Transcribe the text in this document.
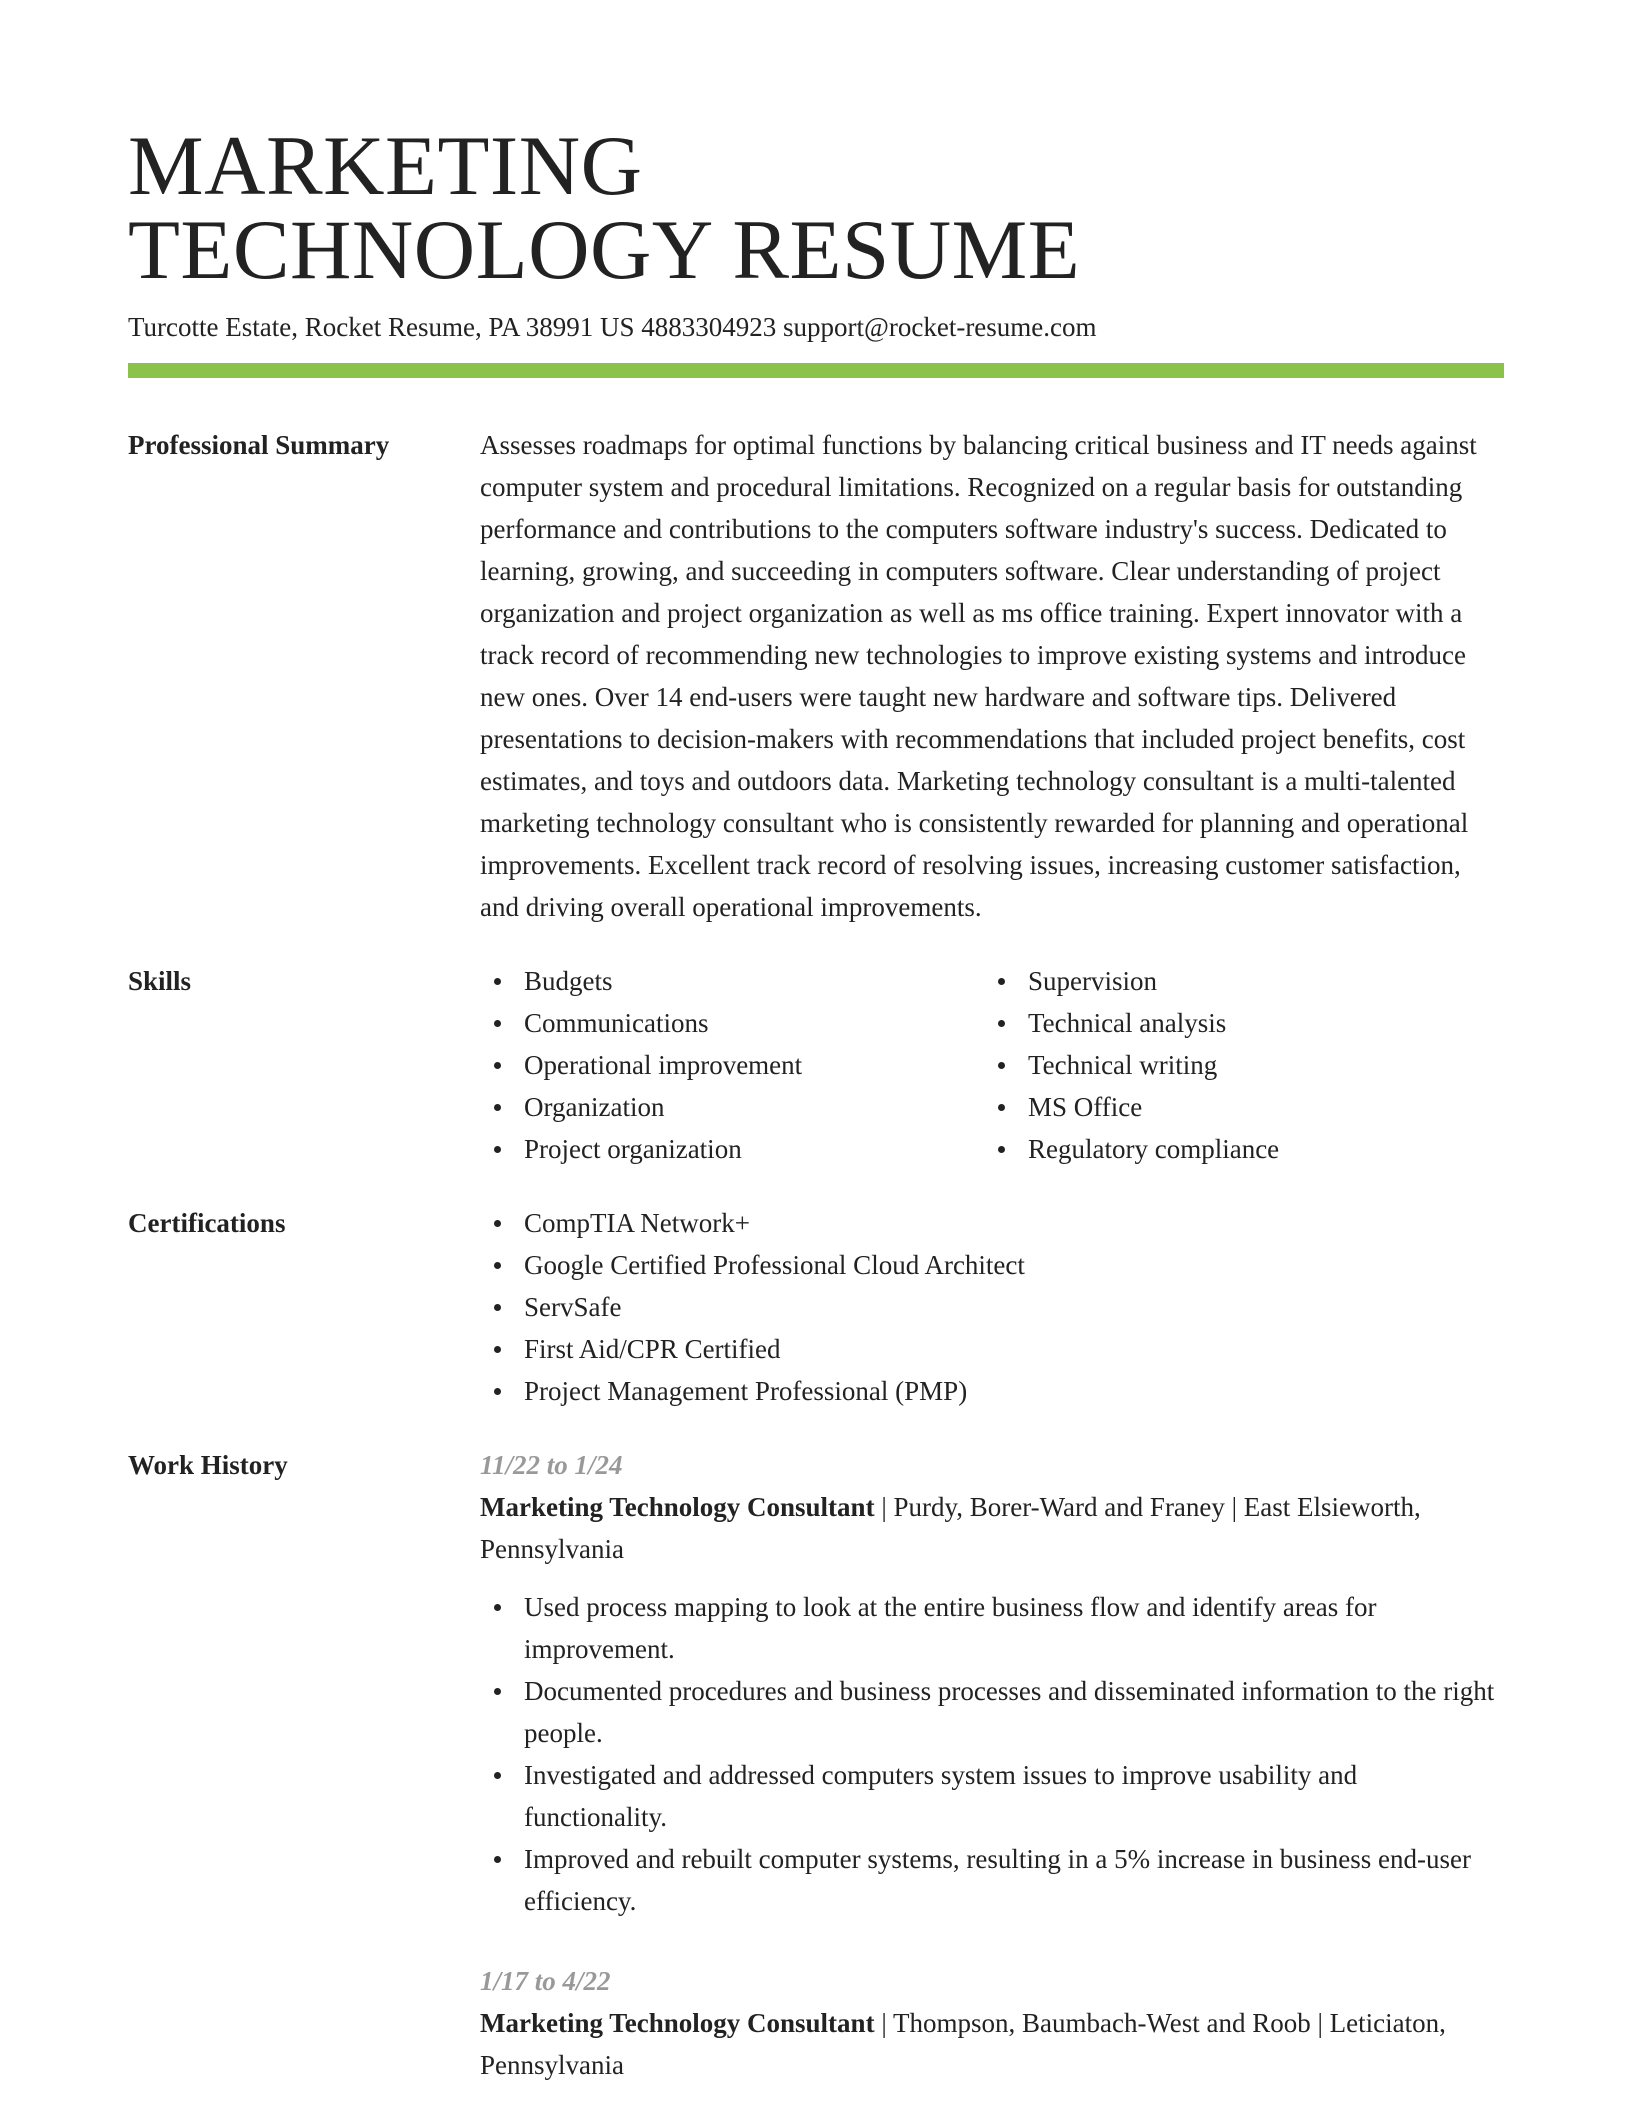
MARKETING
TECHNOLOGY RESUME
Turcotte Estate, Rocket Resume, PA 38991 US 4883304923 support@rocket-resume.com
Professional Summary	Assesses roadmaps for optimal functions by balancing critical business and IT needs against computer system and procedural limitations. Recognized on a regular basis for outstanding performance and contributions to the computers software industry's success. Dedicated to learning, growing, and succeeding in computers software. Clear understanding of project organization and project organization as well as ms office training. Expert innovator with a track record of recommending new technologies to improve existing systems and introduce new ones. Over 14 end-users were taught new hardware and software tips. Delivered presentations to decision-makers with recommendations that included project benefits, cost estimates, and toys and outdoors data. Marketing technology consultant is a multi-talented marketing technology consultant who is consistently rewarded for planning and operational improvements. Excellent track record of resolving issues, increasing customer satisfaction, and driving overall operational improvements.

Skills	Budgets
Communications
Operational improvement
Organization
Project organization
Supervision
Technical analysis
Technical writing
MS Office
Regulatory compliance
Certifications	CompTIA Network+
Google Certified Professional Cloud Architect
ServSafe
First Aid/CPR Certified
Project Management Professional (PMP)
Work History	11/22 to 1/24

Marketing Technology Consultant | Purdy, Borer-Ward and Franey | East Elsieworth, Pennsylvania

Used process mapping to look at the entire business flow and identify areas for improvement.
Documented procedures and business processes and disseminated information to the right people.
Investigated and addressed computers system issues to improve usability and functionality.
Improved and rebuilt computer systems, resulting in a 5% increase in business end-user efficiency.
1/17 to 4/22

Marketing Technology Consultant | Thompson, Baumbach-West and Roob | Leticiaton, Pennsylvania
